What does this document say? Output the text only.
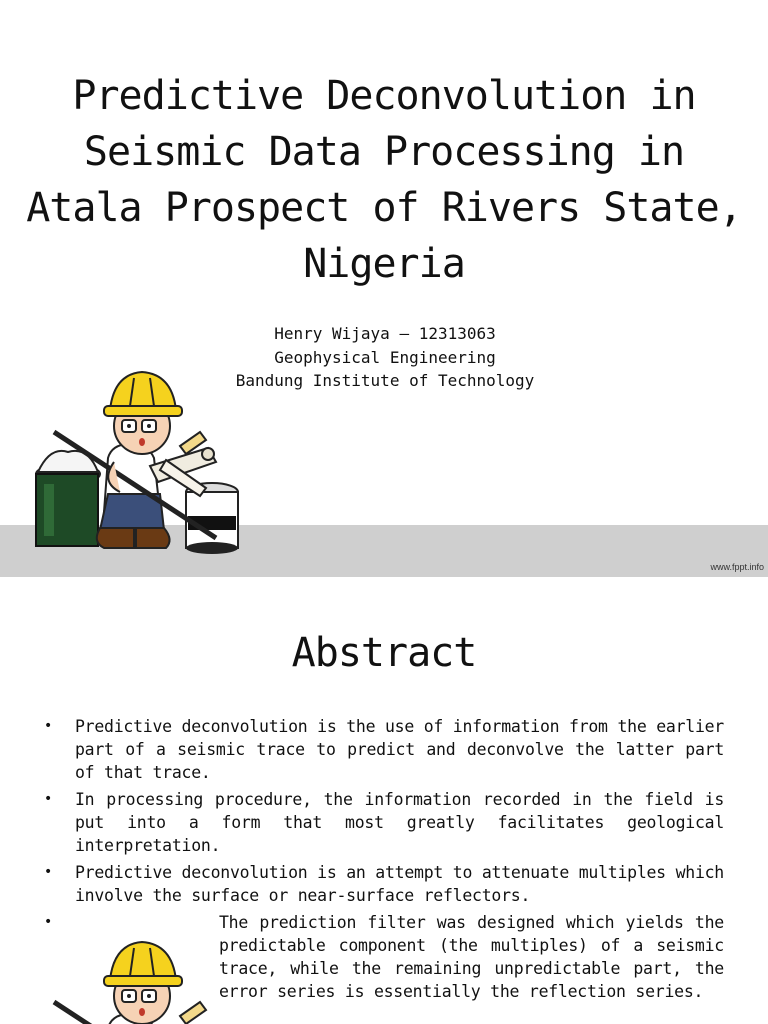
Predictive Deconvolution in Seismic Data Processing in Atala Prospect of Rivers State, Nigeria
Henry Wijaya – 12313063
Geophysical Engineering
Bandung Institute of Technology
www.fppt.info
Abstract
• Predictive deconvolution is the use of information from the earlier part of a seismic trace to predict and deconvolve the latter part of that trace.
• In processing procedure, the information recorded in the field is put into a form that most greatly facilitates geological interpretation.
• Predictive deconvolution is an attempt to attenuate multiples which involve the surface or near-surface reflectors.
•	The prediction filter was designed which yields the predictable component (the multiples) of a seismic trace, while the remaining unpredictable part, the error series is essentially the reflection series.
